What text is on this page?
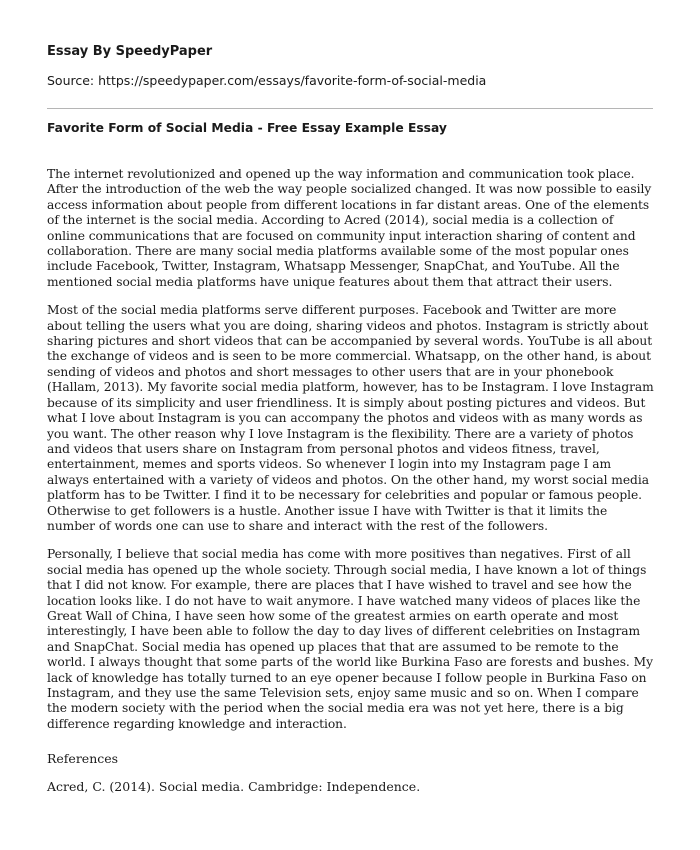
Essay By SpeedyPaper
Source: https://speedypaper.com/essays/favorite-form-of-social-media
Favorite Form of Social Media - Free Essay Example Essay

The internet revolutionized and opened up the way information and communication took place. After the introduction of the web the way people socialized changed. It was now possible to easily access information about people from different locations in far distant areas. One of the elements of the internet is the social media. According to Acred (2014), social media is a collection of online communications that are focused on community input interaction sharing of content and collaboration. There are many social media platforms available some of the most popular ones include Facebook, Twitter, Instagram, Whatsapp Messenger, SnapChat, and YouTube. All the mentioned social media platforms have unique features about them that attract their users.

Most of the social media platforms serve different purposes. Facebook and Twitter are more about telling the users what you are doing, sharing videos and photos. Instagram is strictly about sharing pictures and short videos that can be accompanied by several words. YouTube is all about the exchange of videos and is seen to be more commercial. Whatsapp, on the other hand, is about sending of videos and photos and short messages to other users that are in your phonebook (Hallam, 2013). My favorite social media platform, however, has to be Instagram. I love Instagram because of its simplicity and user friendliness. It is simply about posting pictures and videos. But what I love about Instagram is you can accompany the photos and videos with as many words as you want. The other reason why I love Instagram is the flexibility. There are a variety of photos and videos that users share on Instagram from personal photos and videos fitness, travel, entertainment, memes and sports videos. So whenever I login into my Instagram page I am always entertained with a variety of videos and photos. On the other hand, my worst social media platform has to be Twitter. I find it to be necessary for celebrities and popular or famous people. Otherwise to get followers is a hustle. Another issue I have with Twitter is that it limits the number of words one can use to share and interact with the rest of the followers.

Personally, I believe that social media has come with more positives than negatives. First of all social media has opened up the whole society. Through social media, I have known a lot of things that I did not know. For example, there are places that I have wished to travel and see how the location looks like. I do not have to wait anymore. I have watched many videos of places like the Great Wall of China, I have seen how some of the greatest armies on earth operate and most interestingly, I have been able to follow the day to day lives of different celebrities on Instagram and SnapChat. Social media has opened up places that that are assumed to be remote to the world. I always thought that some parts of the world like Burkina Faso are forests and bushes. My lack of knowledge has totally turned to an eye opener because I follow people in Burkina Faso on Instagram, and they use the same Television sets, enjoy same music and so on. When I compare the modern society with the period when the social media era was not yet here, there is a big difference regarding knowledge and interaction.

References
Acred, C. (2014). Social media. Cambridge: Independence.
